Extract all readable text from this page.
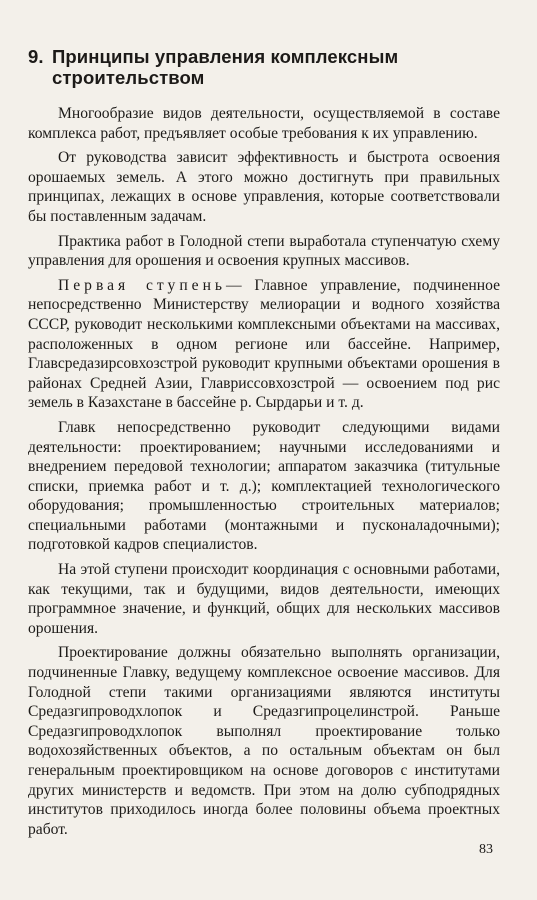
9. Принципы управления комплексным строительством

Многообразие видов деятельности, осуществляемой в составе комплекса работ, предъявляет особые требования к их управлению.

От руководства зависит эффективность и быстрота освоения орошаемых земель. А этого можно достигнуть при правильных принципах, лежащих в основе управления, которые соответствовали бы поставленным задачам.

Практика работ в Голодной степи выработала ступенчатую схему управления для орошения и освоения крупных массивов.

Первая ступень— Главное управление, подчиненное непосредственно Министерству мелиорации и водного хозяйства СССР, руководит несколькими комплексными объектами на массивах, расположенных в одном регионе или бассейне. Например, Главсредазирсовхозстрой руководит крупными объектами орошения в районах Средней Азии, Главриссовхозстрой — освоением под рис земель в Казахстане в бассейне р. Сырдарьи и т. д.

Главк непосредственно руководит следующими видами деятельности: проектированием; научными исследованиями и внедрением передовой технологии; аппаратом заказчика (титульные списки, приемка работ и т. д.); комплектацией технологического оборудования; промышленностью строительных материалов; специальными работами (монтажными и пусконаладочными); подготовкой кадров специалистов.

На этой ступени происходит координация с основными работами, как текущими, так и будущими, видов деятельности, имеющих программное значение, и функций, общих для нескольких массивов орошения.

Проектирование должны обязательно выполнять организации, подчиненные Главку, ведущему комплексное освоение массивов. Для Голодной степи такими организациями являются институты Средазгипроводхлопок и Средазгипроцелинстрой. Раньше Средазгипроводхлопок выполнял проектирование только водохозяйственных объектов, а по остальным объектам он был генеральным проектировщиком на основе договоров с институтами других министерств и ведомств. При этом на долю субподрядных институтов приходилось иногда более половины объема проектных работ.

83
